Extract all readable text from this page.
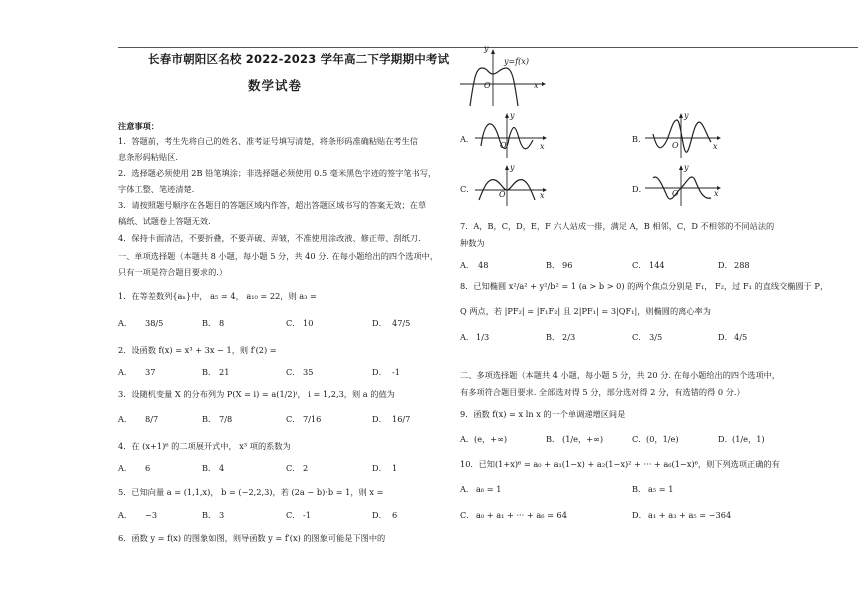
长春市朝阳区名校 2022-2023 学年高二下学期期中考试
数学试卷
注意事项：
1．答题前，考生先将自己的姓名、准考证号填写清楚，将条形码准确粘贴在考生信
息条形码粘贴区.
2．选择题必须使用 2B 铅笔填涂；非选择题必须使用 0.5 毫米黑色字迹的签字笔书写，
字体工整、笔迹清楚.
3．请按照题号顺序在各题目的答题区域内作答，超出答题区域书写的答案无效；在草
稿纸、试题卷上答题无效.
4．保持卡面清洁，不要折叠，不要弄破、弄皱，不准使用涂改液、修正带、刮纸刀.
一、单项选择题（本题共 8 小题，每小题 5 分，共 40 分. 在每小题给出的四个选项中，
只有一项是符合题目要求的.）
1．在等差数列{aₙ}中， a₅ = 4， a₁₀ = 22，则 a₃ =
A． 38/5	B． 8	C． 10	D． 47/5
2．设函数 f(x) = x³ + 3x − 1，则 f′(2) =
A． 37	B． 21	C． 35	D． -1
3．设随机变量 X 的分布列为 P(X = i) = a(1/2)ⁱ， i = 1,2,3，则 a 的值为
A． 8/7	B． 7/8	C． 7/16	D． 16/7
4．在 (x+1)⁶ 的二项展开式中， x³ 项的系数为
A． 6	B． 4	C． 2	D． 1
5．已知向量 a = (1,1,x)， b = (−2,2,3)，若 (2a − b)·b = 1，则 x =
A． −3	B． 3	C． -1	D． 6
6．函数 y = f(x) 的图象如图，则导函数 y = f′(x) 的图象可能是下图中的
y
y=f(x)
x
O
A．
y
x
O
B．
y
x
O
C．
y
x
O
D．
y
x
O
7．A，B，C，D，E，F 六人站成一排，满足 A，B 相邻，C，D 不相邻的不同站法的
种数为
A． 48	B． 96	C． 144	D． 288
8．已知椭圆 x²/a² + y²/b² = 1 (a > b > 0) 的两个焦点分别是 F₁， F₂，过 F₁ 的直线交椭圆于 P，
Q 两点，若 |PF₂| = |F₁F₂| 且 2|PF₁| = 3|QF₁|，则椭圆的离心率为
A． 1/3	B． 2/3	C． 3/5	D． 4/5
二、多项选择题（本题共 4 小题，每小题 5 分，共 20 分. 在每小题给出的四个选项中，
有多项符合题目要求. 全部选对得 5 分，部分选对得 2 分，有选错的得 0 分.）
9．函数 f(x) = x ln x 的一个单调递增区间是
A． (e，+∞)	B． (1/e，+∞)	C． (0，1/e)	D． (1/e，1)
10．已知(1+x)⁶ = a₀ + a₁(1−x) + a₂(1−x)² + ··· + a₆(1−x)⁶，则下列选项正确的有
A． a₆ = 1	B． a₅ = 1
C． a₀ + a₁ + ··· + a₆ = 64	D． a₁ + a₃ + a₅ = −364
